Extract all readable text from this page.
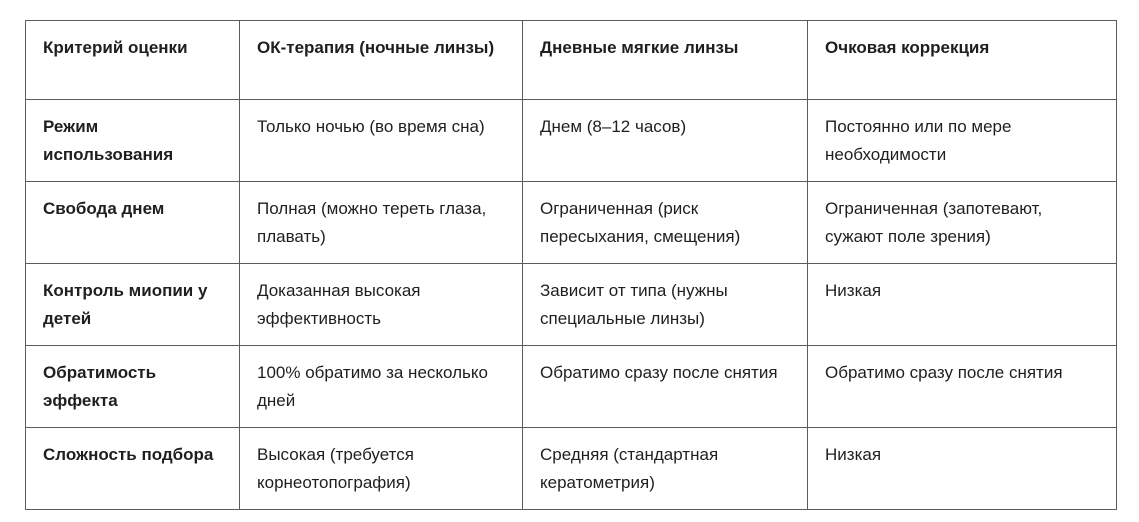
Критерий оценки	ОК-терапия (ночные линзы)	Дневные мягкие линзы	Очковая коррекция
Режим использования	Только ночью (во время сна)	Днем (8–12 часов)	Постоянно или по мере необходимости
Свобода днем	Полная (можно тереть глаза, плавать)	Ограниченная (риск пересыхания, смещения)	Ограниченная (запотевают, сужают поле зрения)
Контроль миопии у детей	Доказанная высокая эффективность	Зависит от типа (нужны специальные линзы)	Низкая
Обратимость эффекта	100% обратимо за несколько дней	Обратимо сразу после снятия	Обратимо сразу после снятия
Сложность подбора	Высокая (требуется корнеотопография)	Средняя (стандартная кератометрия)	Низкая
